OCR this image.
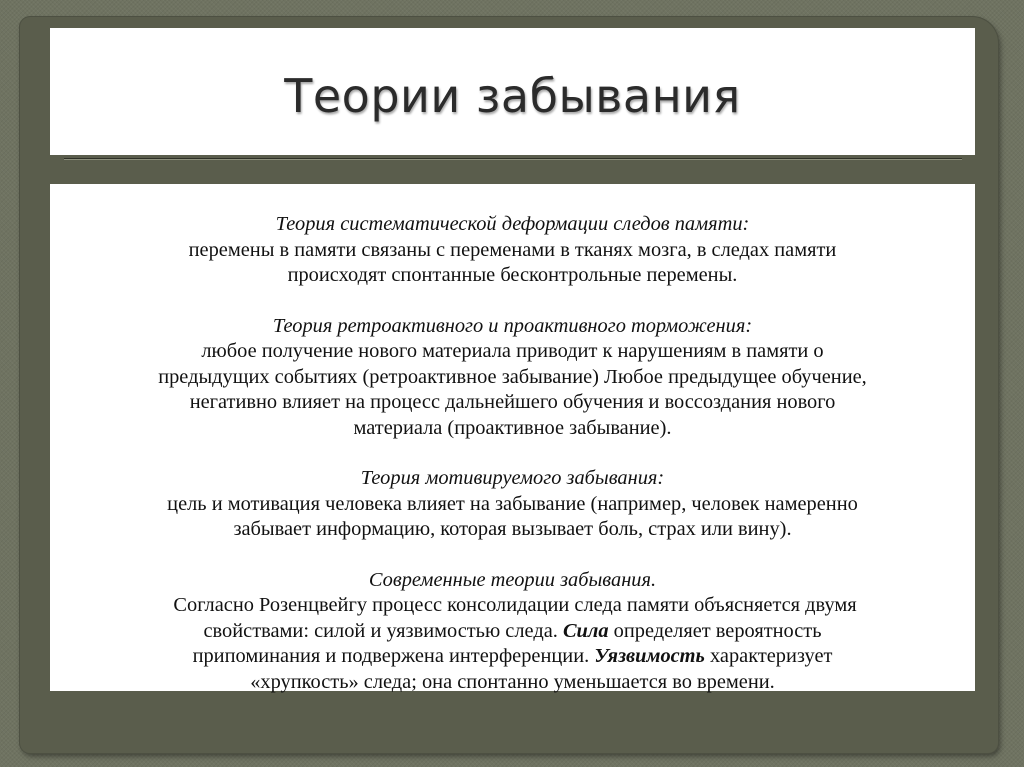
Теории забывания
Теория систематической деформации следов памяти:
перемены в памяти связаны с переменами в тканях мозга, в следах памяти
происходят спонтанные бесконтрольные перемены.
Теория ретроактивного и проактивного торможения:
любое получение нового материала приводит к нарушениям в памяти о
предыдущих событиях (ретроактивное забывание) Любое предыдущее обучение,
негативно влияет на процесс дальнейшего обучения и воссоздания нового
материала (проактивное забывание).
Теория мотивируемого забывания:
цель и мотивация человека влияет на забывание (например, человек намеренно
забывает информацию, которая вызывает боль, страх или вину).
Современные теории забывания.
Согласно Розенцвейгу процесс консолидации следа памяти объясняется двумя
свойствами: силой и уязвимостью следа. Сила определяет вероятность
припоминания и подвержена интерференции. Уязвимость характеризует
«хрупкость» следа; она спонтанно уменьшается во времени.
